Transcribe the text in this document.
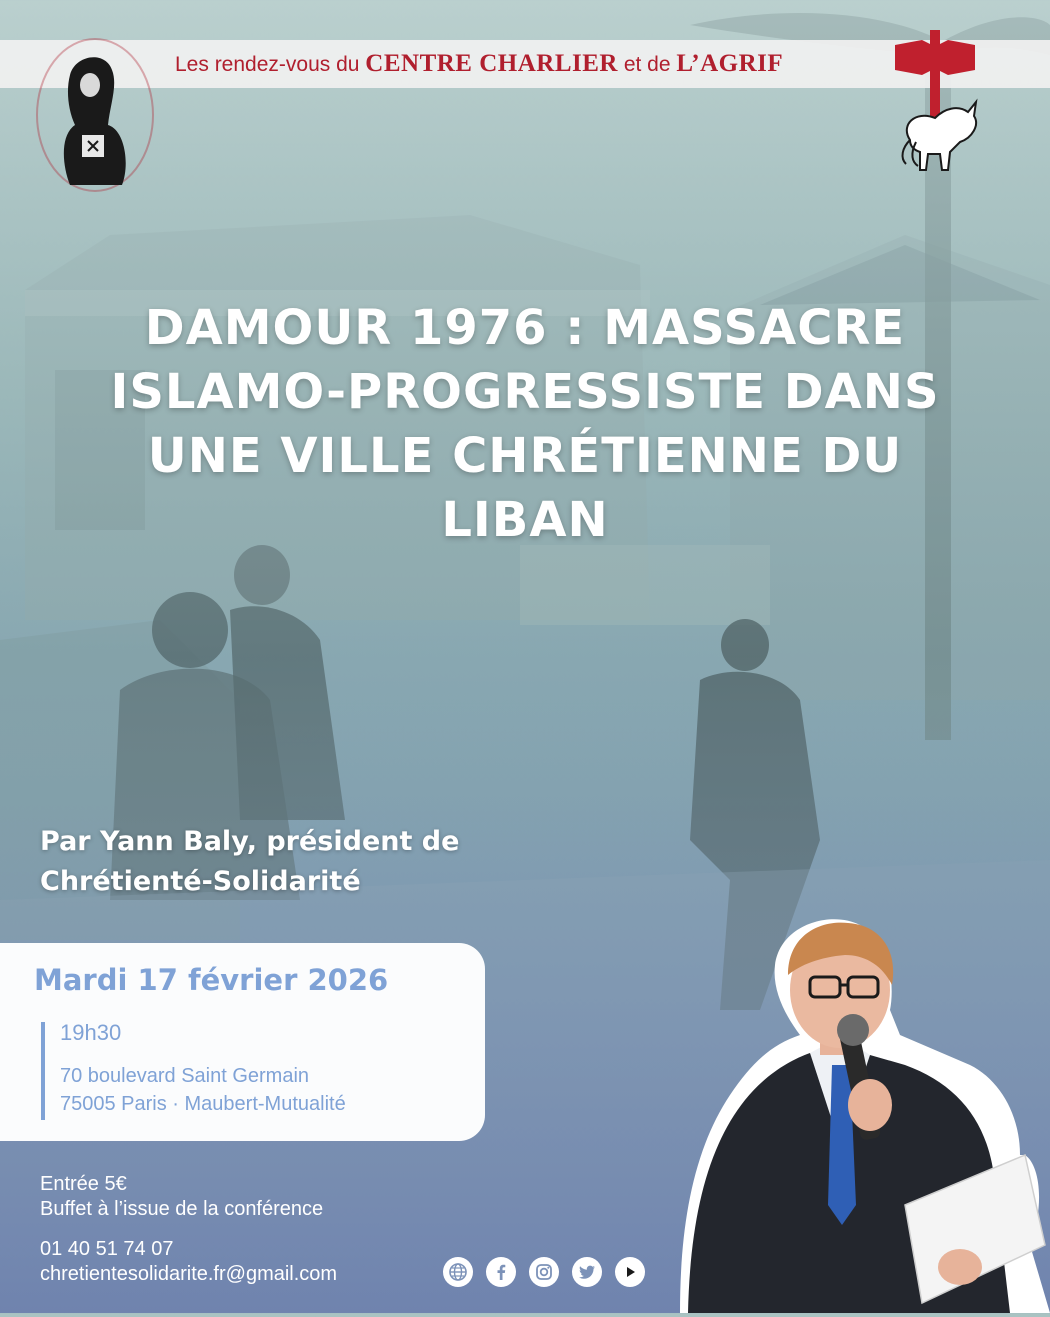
Les rendez-vous du CENTRE CHARLIER et de L’AGRIF
DAMOUR 1976 : MASSACRE
ISLAMO-PROGRESSISTE DANS
UNE VILLE CHRÉTIENNE DU
LIBAN
Par Yann Baly, président de
Chrétienté-Solidarité
Mardi 17 février 2026
19h30
70 boulevard Saint Germain
75005 Paris · Maubert-Mutualité
Entrée 5€
Buffet à l’issue de la conférence
01 40 51 74 07
chretientesolidarite.fr@gmail.com
